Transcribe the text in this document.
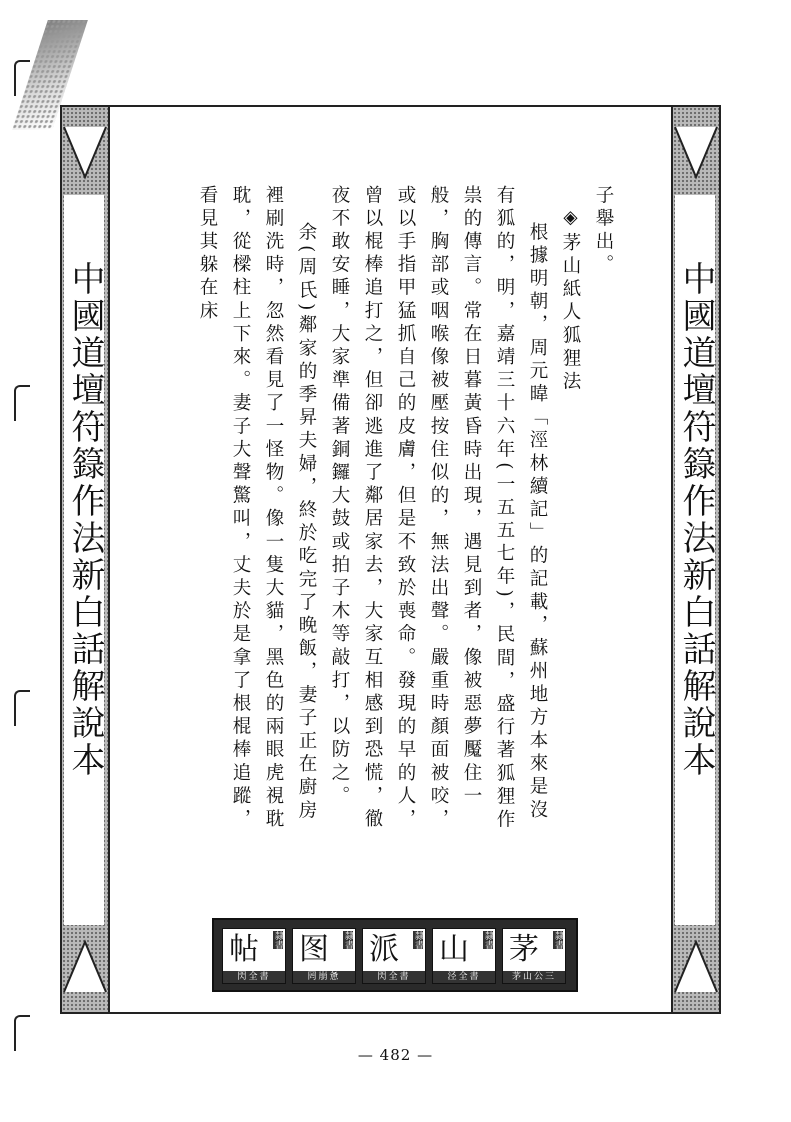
中國道壇符籙作法新白話解說本	中國道壇符籙作法新白話解說本

子舉出。

◈茅山紙人狐狸法

根據明朝，周元暐「涇林續記」的記載，蘇州地方本來是沒有狐的，明，嘉靖三十六年(一五五七年)，民間，盛行著狐狸作祟的傳言。常在日暮黃昏時出現，遇見到者，像被惡夢魘住一般，胸部或咽喉像被壓按住似的，無法出聲。嚴重時顏面被咬，或以手指甲猛抓自己的皮膚，但是不致於喪命。發現的早的人，曾以棍棒追打之，但卻逃進了鄰居家去，大家互相感到恐慌，徹夜不敢安睡，大家準備著銅鑼大鼓或拍子木等敲打，以防之。

余(周氏)鄰家的季昇夫婦，終於吃完了晚飯，妻子正在廚房裡刷洗時，忽然看見了一怪物。像一隻大貓，黑色的兩眼虎視耽耽，從樑柱上下來。妻子大聲驚叫，丈夫於是拿了根棍棒追蹤，看見其躲在床

帖 隸書
閃全書
图 隸書
罔崩惫
派 隸書
閃全書
山 隸書
泾全書
茅 隸書
茅山公三
— 482 —
